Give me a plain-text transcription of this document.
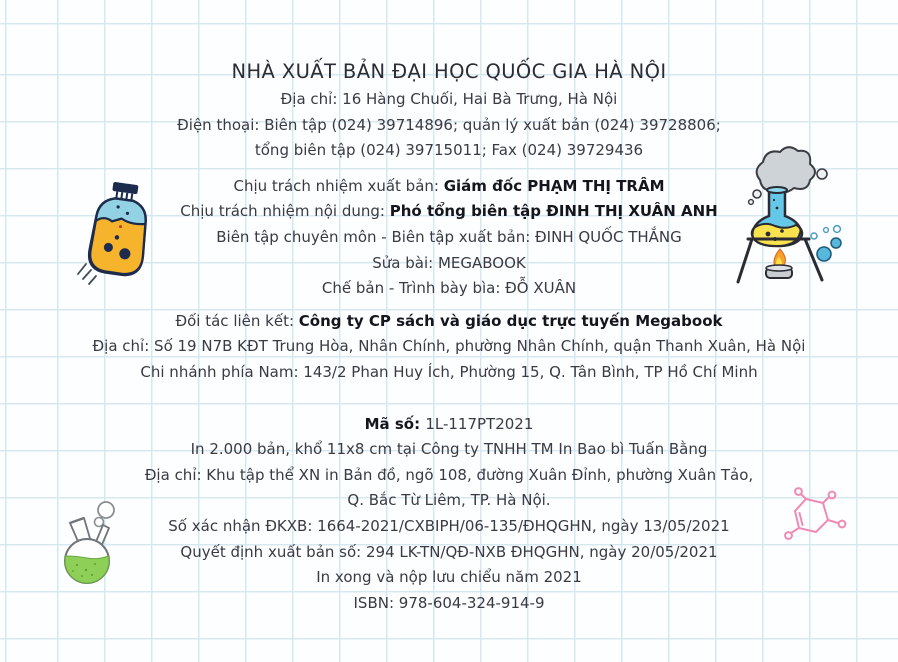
NHÀ XUẤT BẢN ĐẠI HỌC QUỐC GIA HÀ NỘI

Địa chỉ: 16 Hàng Chuối, Hai Bà Trưng, Hà Nội

Điện thoại: Biên tập (024) 39714896; quản lý xuất bản (024) 39728806;

tổng biên tập (024) 39715011; Fax (024) 39729436

Chịu trách nhiệm xuất bản: Giám đốc PHẠM THỊ TRÂM

Chịu trách nhiệm nội dung: Phó tổng biên tập ĐINH THỊ XUÂN ANH

Biên tập chuyên môn - Biên tập xuất bản: ĐINH QUỐC THẮNG

Sửa bài: MEGABOOK

Chế bản - Trình bày bìa: ĐỖ XUÂN

Đối tác liên kết: Công ty CP sách và giáo dục trực tuyến Megabook

Địa chỉ: Số 19 N7B KĐT Trung Hòa, Nhân Chính, phường Nhân Chính, quận Thanh Xuân, Hà Nội

Chi nhánh phía Nam: 143/2 Phan Huy Ích, Phường 15, Q. Tân Bình, TP Hồ Chí Minh

Mã số: 1L-117PT2021

In 2.000 bản, khổ 11x8 cm tại Công ty TNHH TM In Bao bì Tuấn Bằng

Địa chỉ: Khu tập thể XN in Bản đồ, ngõ 108, đường Xuân Đỉnh, phường Xuân Tảo,

Q. Bắc Từ Liêm, TP. Hà Nội.

Số xác nhận ĐKXB: 1664-2021/CXBIPH/06-135/ĐHQGHN, ngày 13/05/2021

Quyết định xuất bản số: 294 LK-TN/QĐ-NXB ĐHQGHN, ngày 20/05/2021

In xong và nộp lưu chiểu năm 2021

ISBN: 978-604-324-914-9
